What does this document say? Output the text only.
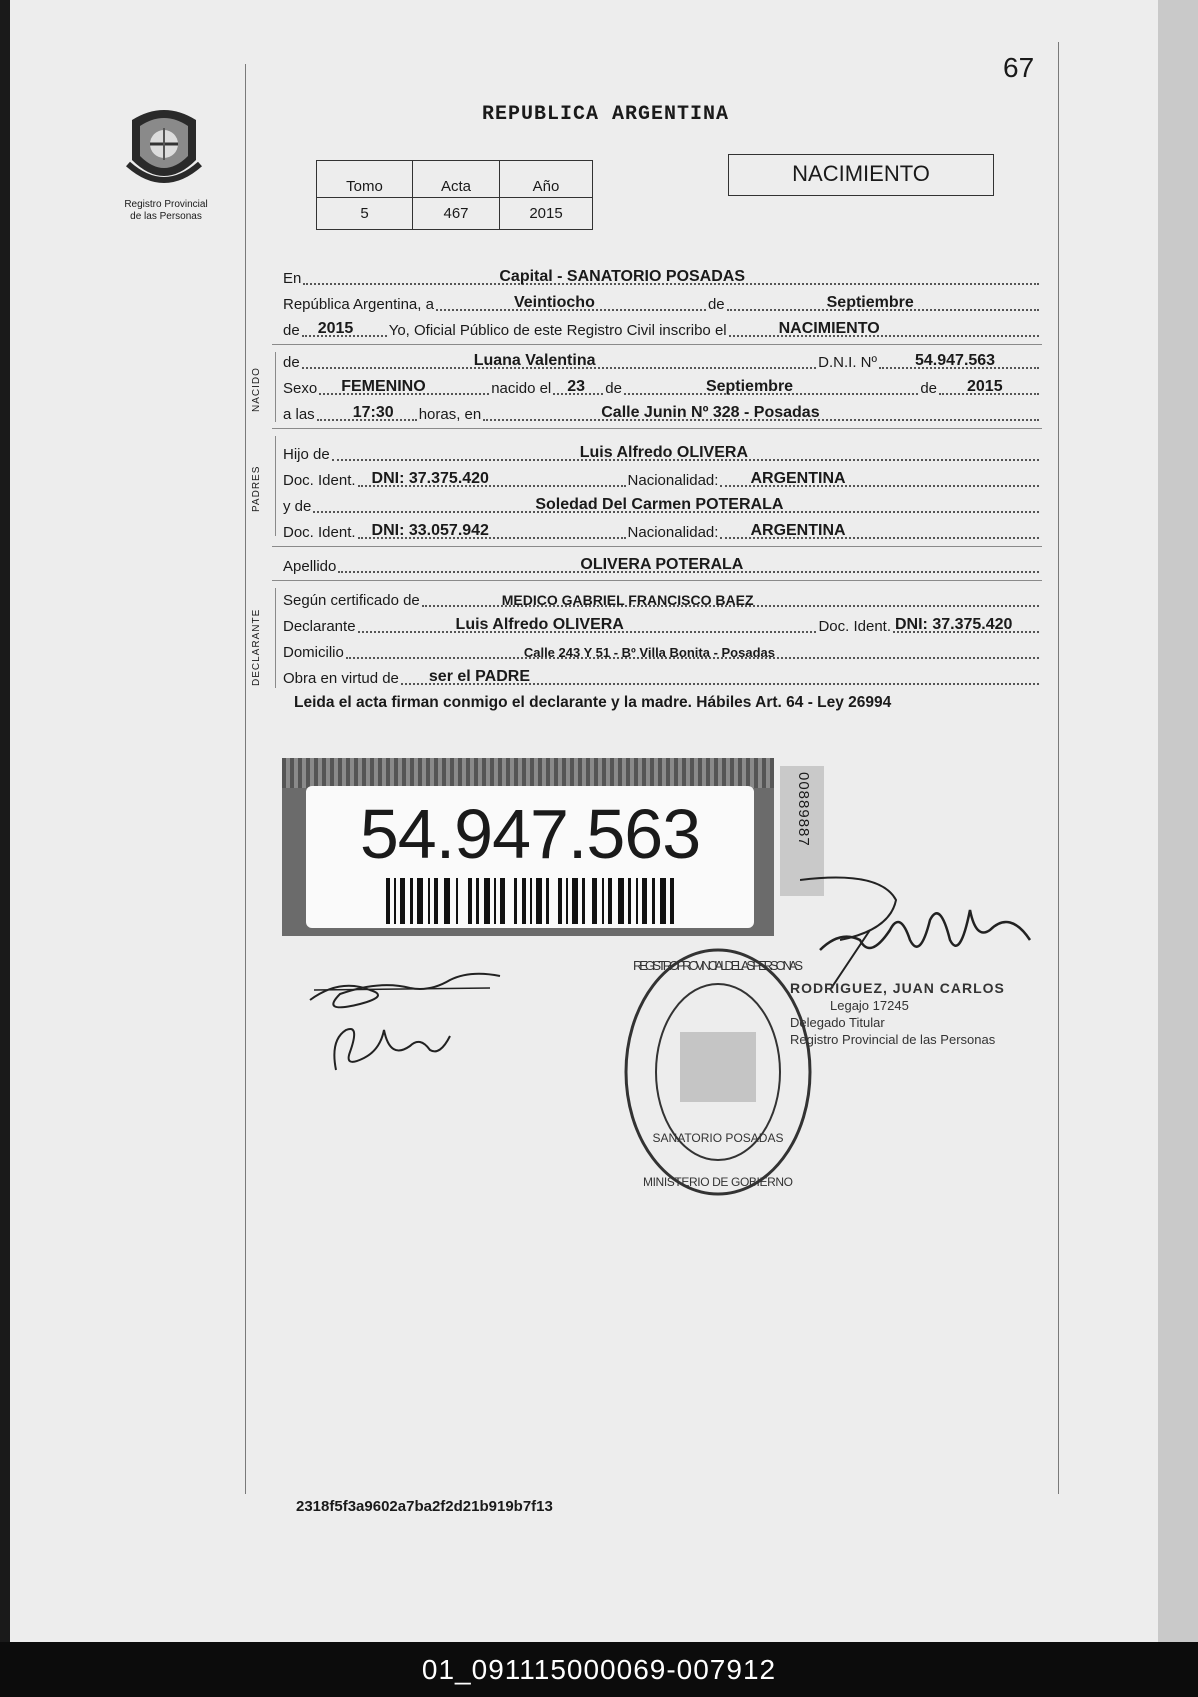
67
Registro Provincial
de las Personas
REPUBLICA ARGENTINA
Tomo	Acta	Año
5	467	2015
NACIMIENTO
En	Capital - SANATORIO POSADAS
República Argentina, a	Veintiocho	de	Septiembre
de 2015 Yo, Oficial Público de este Registro Civil inscribo el	NACIMIENTO
NACIDO
de	Luana Valentina	D.N.I. Nº 54.947.563
Sexo FEMENINO	nacido el 23 de	Septiembre	de 2015
a las 17:30 horas, en	Calle Junin Nº 328 - Posadas
PADRES
Hijo de	Luis Alfredo OLIVERA
Doc. Ident. DNI: 37.375.420	Nacionalidad: ARGENTINA
y de	Soledad Del Carmen POTERALA
Doc. Ident. DNI: 33.057.942	Nacionalidad: ARGENTINA
Apellido	OLIVERA POTERALA
DECLARANTE
Según certificado de	MEDICO GABRIEL FRANCISCO BAEZ
Declarante	Luis Alfredo OLIVERA	Doc. Ident. DNI: 37.375.420
Domicilio	Calle 243 Y 51 - Bº Villa Bonita - Posadas
Obra en virtud de ser el PADRE
Leida el acta firman conmigo el declarante y la madre. Hábiles Art. 64 - Ley 26994
54.947.563	00889887
REGISTRO PROVINCIAL DE LAS PERSONAS
SANATORIO POSADAS
MINISTERIO DE GOBIERNO
RODRIGUEZ, JUAN CARLOS
Legajo 17245
Delegado Titular
Registro Provincial de las Personas
2318f5f3a9602a7ba2f2d21b919b7f13
01_091115000069-007912
